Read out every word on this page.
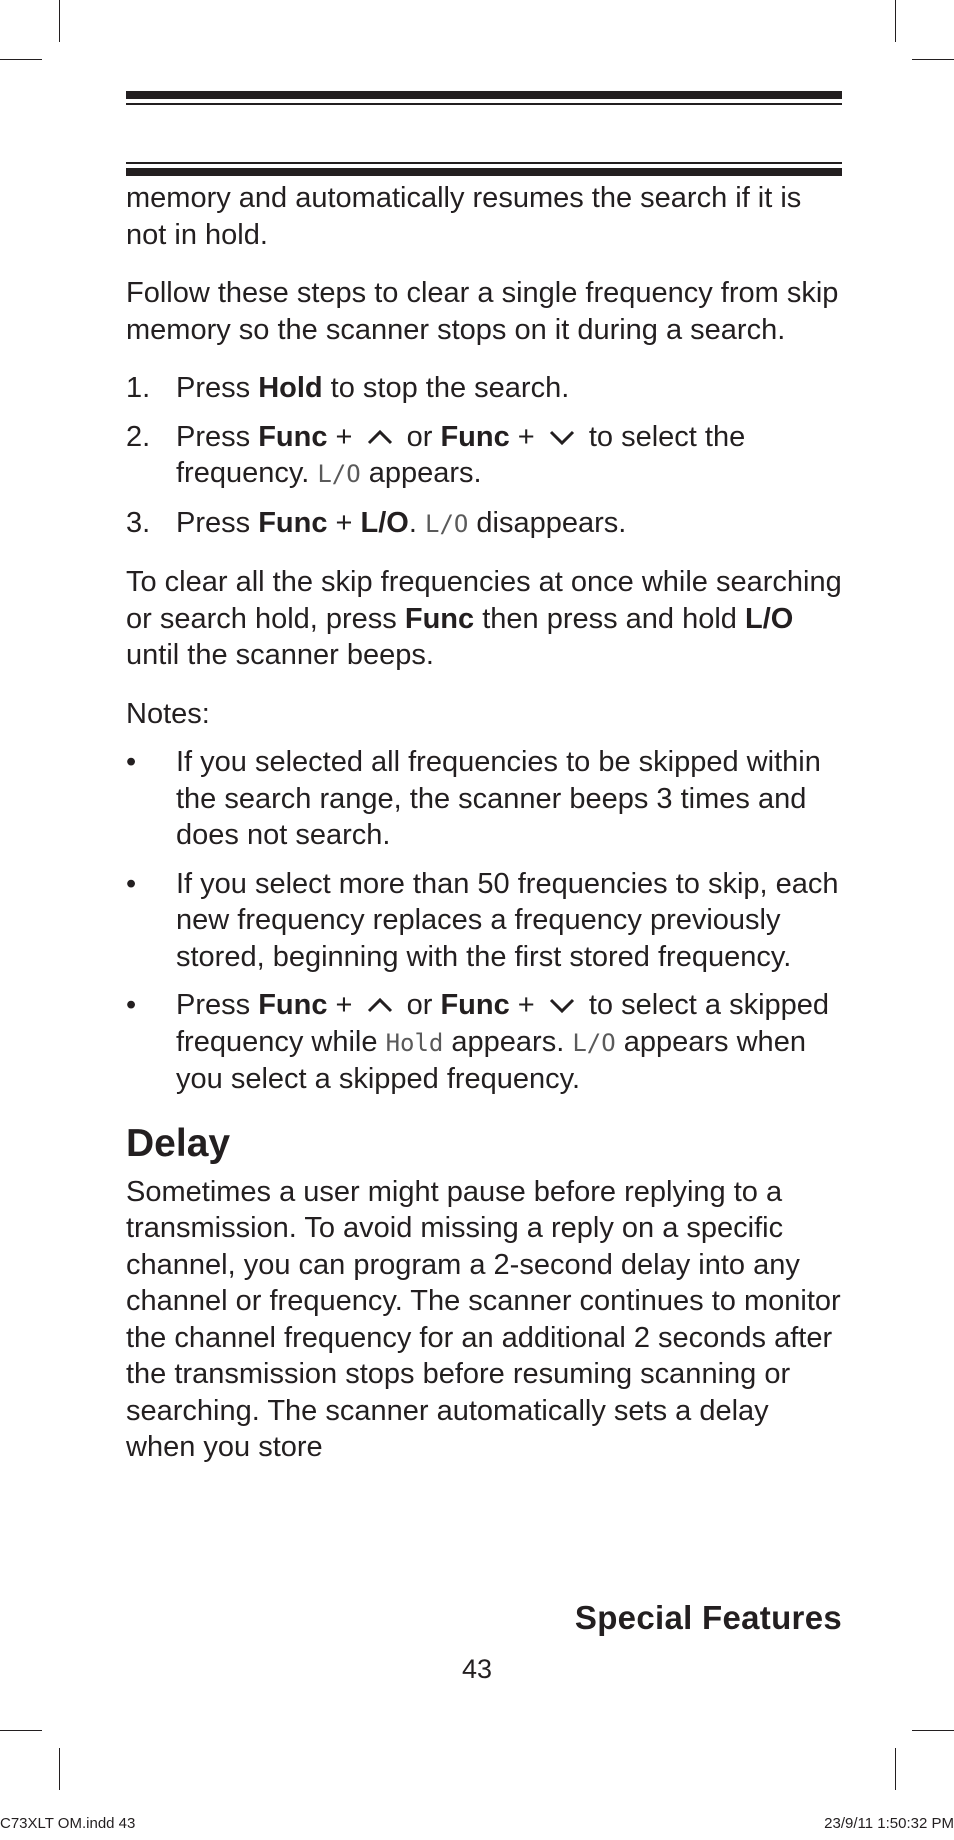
memory and automatically resumes the search if it is not in hold.

Follow these steps to clear a single frequency from skip memory so the scanner stops on it during a search.

1. Press Hold to stop the search.
2. Press Func +
or Func +
to select the frequency. L/O appears.
3. Press Func + L/O. L/O disappears.

To clear all the skip frequencies at once while searching or search hold, press Func then press and hold L/O until the scanner beeps.

Notes:

• If you selected all frequencies to be skipped within the search range, the scanner beeps 3 times and does not search.
• If you select more than 50 frequencies to skip, each new frequency replaces a frequency previously stored, beginning with the first stored frequency.
• Press Func +
or Func +
to select a skipped frequency while Hold appears. L/O appears when you select a skipped frequency.
Delay

Sometimes a user might pause before replying to a transmission. To avoid missing a reply on a specific channel, you can program a 2-second delay into any channel or frequency. The scanner continues to monitor the channel frequency for an additional 2 seconds after the transmission stops before resuming scanning or searching. The scanner automatically sets a delay when you store

Special Features
43
C73XLT OM.indd 43	23/9/11 1:50:32 PM
